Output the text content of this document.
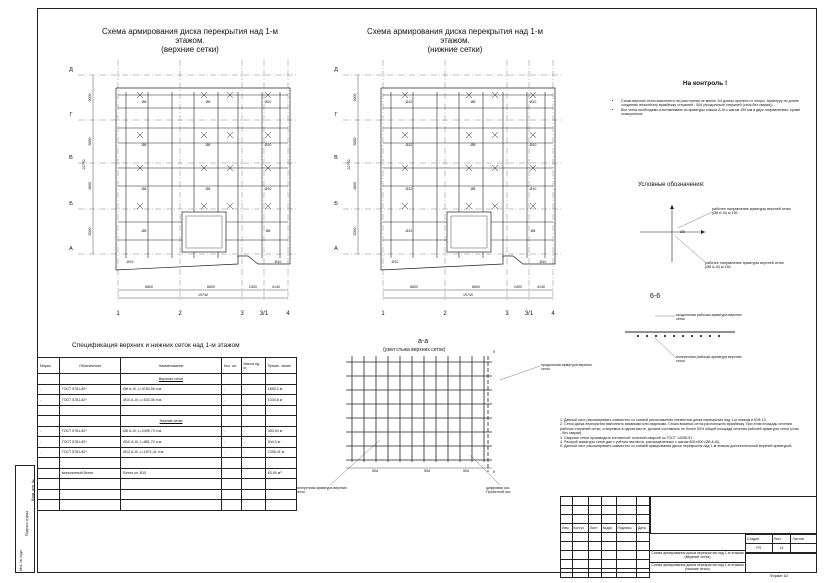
Инв. № подл.
Подпись и дата
Взам. инв. №
Схема армирования диска перекрытия над 1-м этажом.
(верхние сетки)
Схема армирования диска перекрытия над 1-м этажом.
(нижние сетки)
Д
Г
В
Б
А
1	2	3	3/1	4
Ø8	Ø8	Ø10
Ø8	Ø8	Ø10
Ø8	Ø8	Ø10
Ø8	Ø8
Ø10	Ø10
6600	6600	2400	4140
19740
3000
5850
4800
5000
22750
Д
Г
В
Б
А
1	2	3	3/1	4
Ø12	Ø8	Ø10
Ø12	Ø8	Ø10
Ø12	Ø8	Ø10
Ø12	Ø8
Ø10	Ø10
6600	6600	2400	4140
19740
3000
5850
4800
5000
22750
На контроль !
• Стыки верхних сеток выполнить на расстоянии не менее 1/4 длины пролёта от опоры. Арматуру по длине соединять внахлёстку вразбежку стержней - 50d (продольные стержней (стык без сварки)).
• Все сетки необходимо изготавливать из арматуры класса А-III с шагом 150 мм в двух направлениях, кроме оговоренных.
Условные обозначения:
рабочее направление арматуры верхней сетки (Ø8 А-III) ш 150
рабочее направление арматуры верхней сетки (Ø8 А-III) ш 150
Ø8
6-6
продольная рабочая арматура верхних сеток
поперечная рабочая арматура верхних сеток
Спецификация верхних и нижних сеток над 1-м этажом
Марка	Обозначение	Наименование	Кол. шт.	Масса ед., кг	Приме- чание
		Верхние сетки			
-	ГОСТ 5781-82*	Ø8 А-III, L=4784,55 п.м.	-	-	1890,2 кг
-	ГОСТ 5781-82*	Ø10 А-III, L=543,36 п.м.	-	-	1334,8 кг

		Нижние сетки			
-	ГОСТ 5781-82*	Ø8 А-III, L=2495,73 п.м.	-	-	983,94 кг
-	ГОСТ 5781-82*	Ø10 А-III, L=881,70 п.м.	-	-	544,0 кг
-	ГОСТ 5781-82*	Ø12 А-III, L=1571,41 п.м.	-	-	1395,41 кг

	монолитный бетон	Бетон кл. В15			63,90 м³

а-а
(узел стыка верхних сеток)
продольная арматура верхних сеток
поперечная арматура верхних сеток
цифровая ось Проектной ось
б
б
50d	50d	50d
1. Данный лист рассматривать совместно со схемой расположения элементов диска перекрытия над 1-м этажом и ЮФ-13.
2. Сетки диска перекрытия выполнить вязаными или сварными. Стыки вязаных сеток расположить вразбежку. При этом площадь сечения рабочих стержней сетки, стыкуемых в одном месте, должна составлять не более 50% общей площади сечения рабочей арматуры сетки (стык - без сварки).
3. Сварные сетки производить контактной точечной сваркой по ГОСТ 14098-91.
4. Раскрой арматуры сетки дан с учётом нахлёста, распределенных с шагом 600×600 (Ø8 А-III).
5. Данный лист рассматривать совместно со схемой армирования диска перекрытия над 1-м этажом дополнительной верхней арматурой.

Изм	Кол.уч	Лист	№док	Подпись	Дата

Стадия	Лист	Листов
РП	14	
Схема армирования диска перекрытия над 1-м этажом (верхние сетки)
Схема армирования диска перекрытия над 1-м этажом (нижние сетки)
Формат А2
